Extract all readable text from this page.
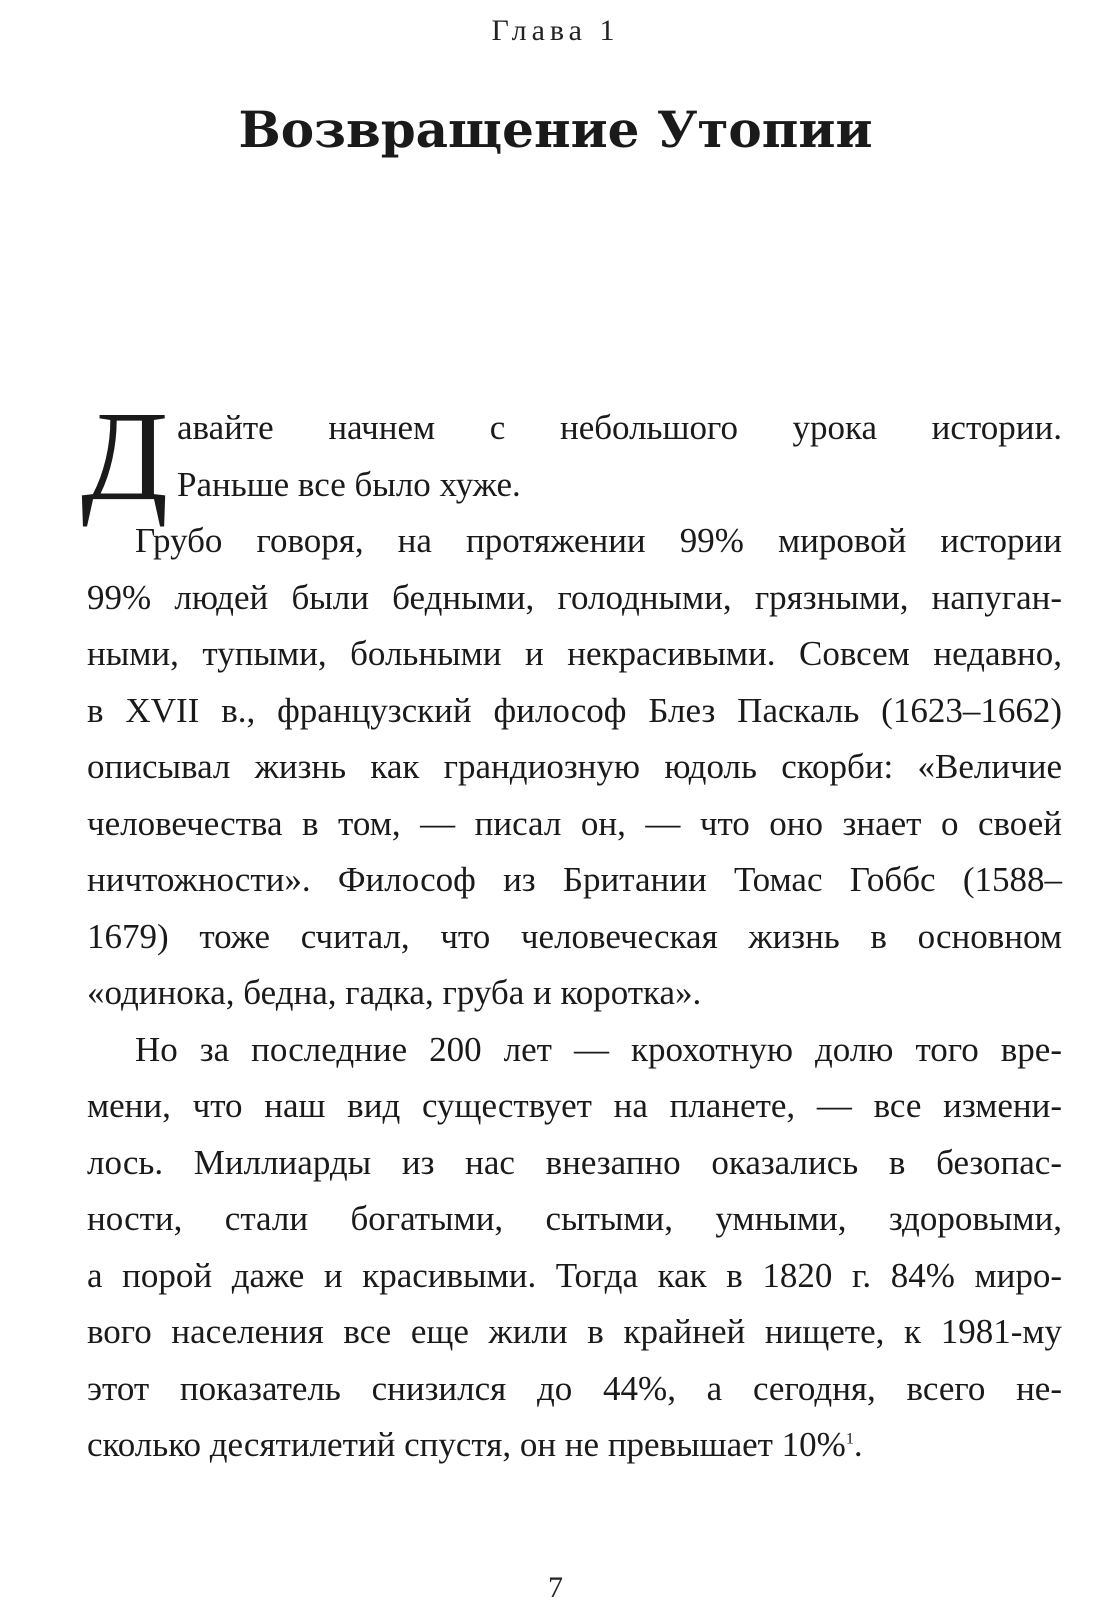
Глава 1
Возвращение Утопии
Д авайте начнем с небольшого урока истории.
Раньше все было хуже.
Грубо говоря, на протяжении 99% мировой истории
99% людей были бедными, голодными, грязными, напуган-
ными, тупыми, больными и некрасивыми. Совсем недавно,
в XVII в., французский философ Блез Паскаль (1623–1662)
описывал жизнь как грандиозную юдоль скорби: «Величие
человечества в том, — писал он, — что оно знает о своей
ничтожности». Философ из Британии Томас Гоббс (1588–
1679) тоже считал, что человеческая жизнь в основном
«одинока, бедна, гадка, груба и коротка».
Но за последние 200 лет — крохотную долю того вре-
мени, что наш вид существует на планете, — все измени-
лось. Миллиарды из нас внезапно оказались в безопас-
ности, стали богатыми, сытыми, умными, здоровыми,
а порой даже и красивыми. Тогда как в 1820 г. 84% миро-
вого населения все еще жили в крайней нищете, к 1981-му
этот показатель снизился до 44%, а сегодня, всего не-
сколько десятилетий спустя, он не превышает 10%$^1$.
7
